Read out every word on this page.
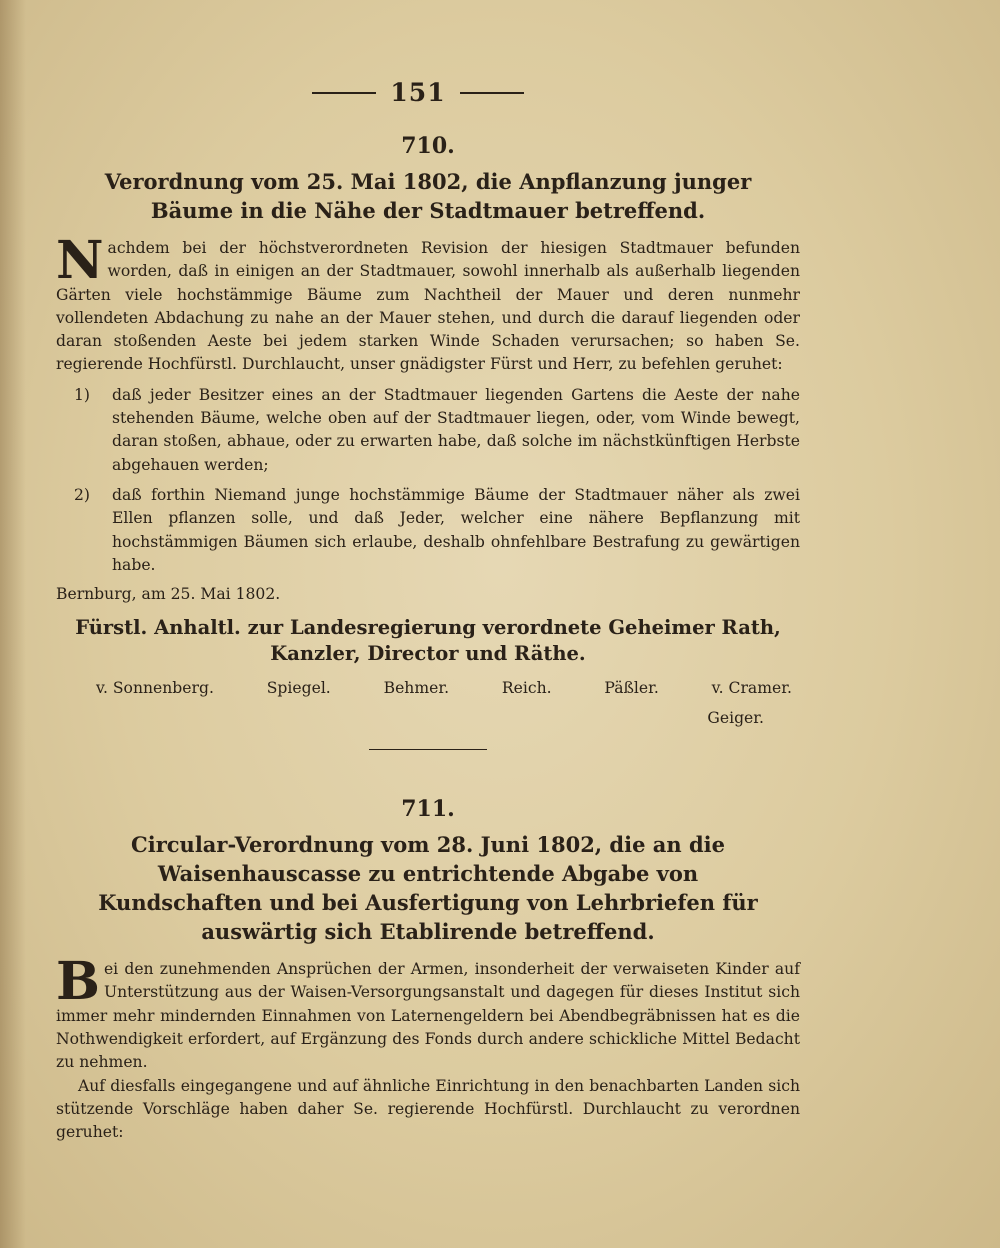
151
710.
Verordnung vom 25. Mai 1802, die Anpflanzung junger Bäume in die Nähe der Stadtmauer betreffend.

Nachdem bei der höchstverordneten Revision der hiesigen Stadtmauer befunden worden, daß in einigen an der Stadtmauer, sowohl innerhalb als außerhalb liegenden Gärten viele hochstämmige Bäume zum Nachtheil der Mauer und deren nunmehr vollendeten Abdachung zu nahe an der Mauer stehen, und durch die darauf liegenden oder daran stoßenden Aeste bei jedem starken Winde Schaden verursachen; so haben Se. regierende Hochfürstl. Durchlaucht, unser gnädigster Fürst und Herr, zu befehlen geruhet:

1)	daß jeder Besitzer eines an der Stadtmauer liegenden Gartens die Aeste der nahe stehenden Bäume, welche oben auf der Stadtmauer liegen, oder, vom Winde bewegt, daran stoßen, abhaue, oder zu erwarten habe, daß solche im nächstkünftigen Herbste abgehauen werden;
2)	daß forthin Niemand junge hochstämmige Bäume der Stadtmauer näher als zwei Ellen pflanzen solle, und daß Jeder, welcher eine nähere Bepflanzung mit hochstämmigen Bäumen sich erlaube, deshalb ohnfehlbare Bestrafung zu gewärtigen habe.
Bernburg, am 25. Mai 1802.
Fürstl. Anhaltl. zur Landesregierung verordnete Geheimer Rath, Kanzler, Director und Räthe.
v. Sonnenberg.	Spiegel.	Behmer.	Reich.	Päßler.	v. Cramer.
Geiger.
711.
Circular-Verordnung vom 28. Juni 1802, die an die Waisenhauscasse zu entrichtende Abgabe von Kundschaften und bei Ausfertigung von Lehrbriefen für auswärtig sich Etablirende betreffend.

Bei den zunehmenden Ansprüchen der Armen, insonderheit der verwaiseten Kinder auf Unterstützung aus der Waisen-Versorgungsanstalt und dagegen für dieses Institut sich immer mehr mindernden Einnahmen von Laternengeldern bei Abendbegräbnissen hat es die Nothwendigkeit erfordert, auf Ergänzung des Fonds durch andere schickliche Mittel Bedacht zu nehmen.

Auf diesfalls eingegangene und auf ähnliche Einrichtung in den benachbarten Landen sich stützende Vorschläge haben daher Se. regierende Hochfürstl. Durchlaucht zu verordnen geruhet:
